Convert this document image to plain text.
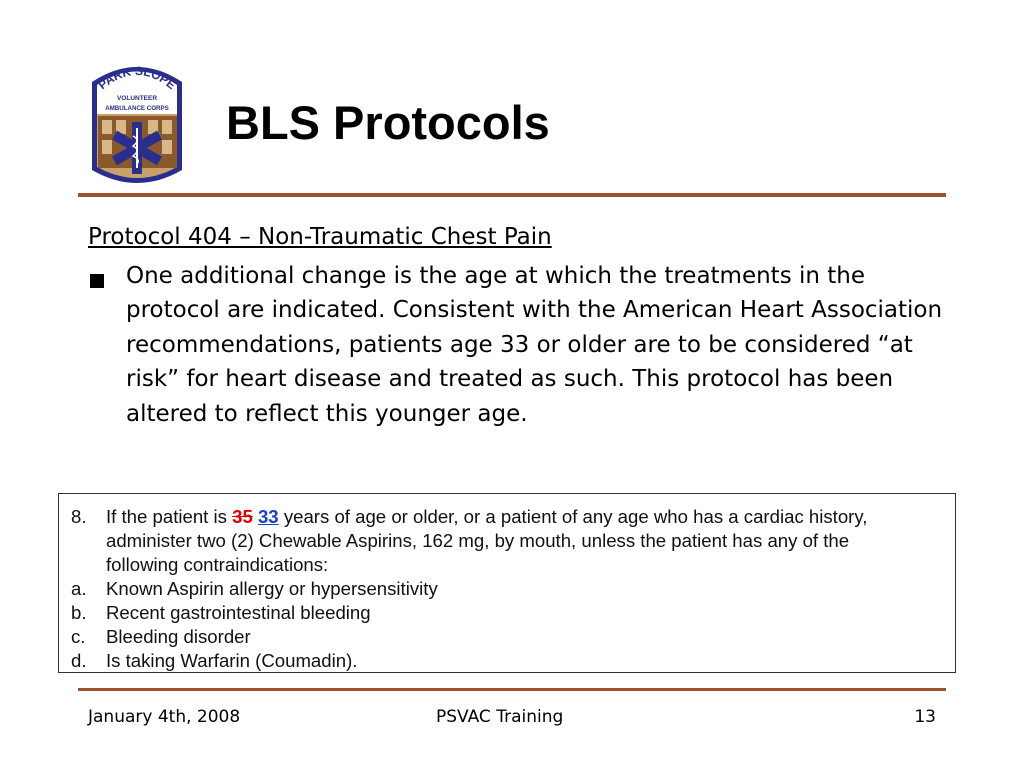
PARK SLOPE
VOLUNTEER
AMBULANCE CORPS BLS Protocols

Protocol 404 – Non-Traumatic Chest Pain

One additional change is the age at which the treatments in the protocol are indicated. Consistent with the American Heart Association recommendations, patients age 33 or older are to be considered “at risk” for heart disease and treated as such. This protocol has been altered to reflect this younger age.

8. If the patient is 35 33 years of age or older, or a patient of any age who has a cardiac history,

administer two (2) Chewable Aspirins, 162 mg, by mouth, unless the patient has any of the

following contraindications:

a. Known Aspirin allergy or hypersensitivity

b. Recent gastrointestinal bleeding

c. Bleeding disorder

d. Is taking Warfarin (Coumadin).

January 4th, 2008	PSVAC Training	13
